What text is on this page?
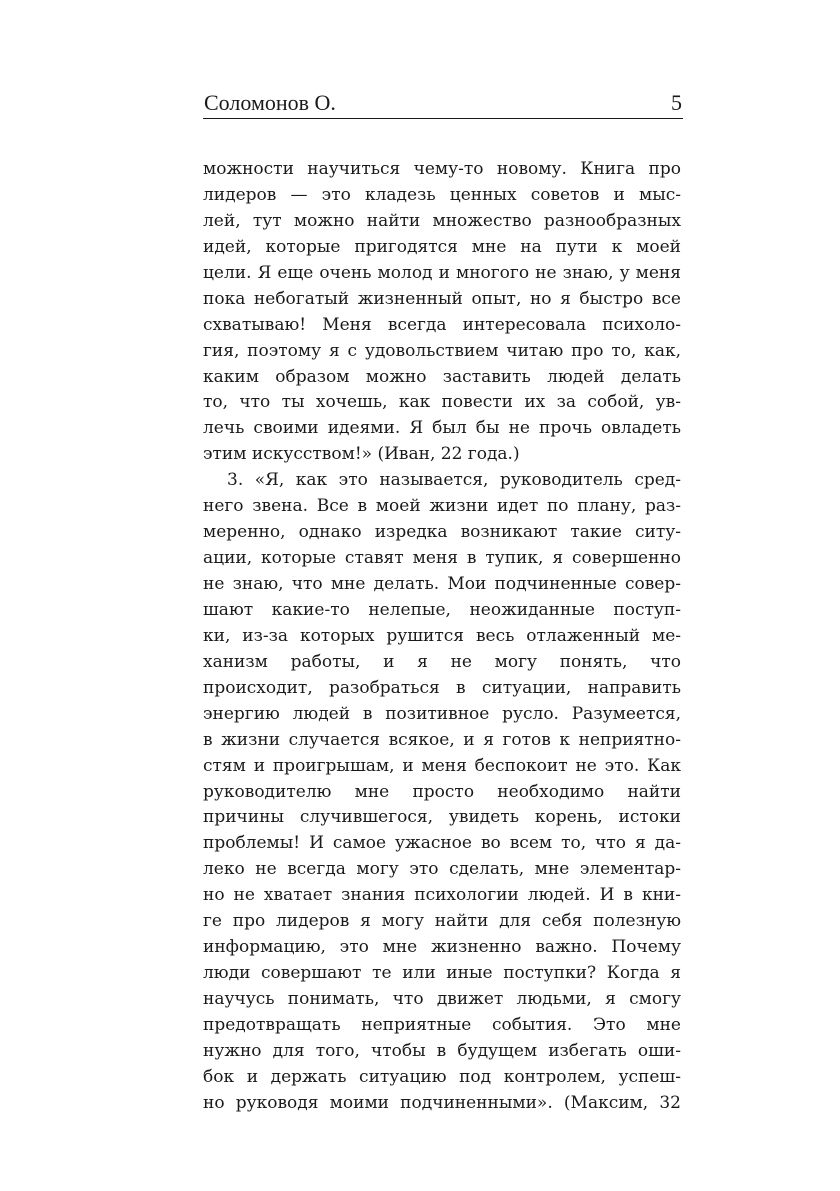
Соломонов О.	5
можности научиться чему-то новому. Книга про
лидеров — это кладезь ценных советов и мыс-
лей, тут можно найти множество разнообразных
идей, которые пригодятся мне на пути к моей
цели. Я еще очень молод и многого не знаю, у меня
пока небогатый жизненный опыт, но я быстро все
схватываю! Меня всегда интересовала психоло-
гия, поэтому я с удовольствием читаю про то, как,
каким образом можно заставить людей делать
то, что ты хочешь, как повести их за собой, ув-
лечь своими идеями. Я был бы не прочь овладеть
этим искусством!» (Иван, 22 года.)
3. «Я, как это называется, руководитель сред-
него звена. Все в моей жизни идет по плану, раз-
меренно, однако изредка возникают такие ситу-
ации, которые ставят меня в тупик, я совершенно
не знаю, что мне делать. Мои подчиненные совер-
шают какие-то нелепые, неожиданные поступ-
ки, из-за которых рушится весь отлаженный ме-
ханизм работы, и я не могу понять, что
происходит, разобраться в ситуации, направить
энергию людей в позитивное русло. Разумеется,
в жизни случается всякое, и я готов к неприятно-
стям и проигрышам, и меня беспокоит не это. Как
руководителю мне просто необходимо найти
причины случившегося, увидеть корень, истоки
проблемы! И самое ужасное во всем то, что я да-
леко не всегда могу это сделать, мне элементар-
но не хватает знания психологии людей. И в кни-
ге про лидеров я могу найти для себя полезную
информацию, это мне жизненно важно. Почему
люди совершают те или иные поступки? Когда я
научусь понимать, что движет людьми, я смогу
предотвращать неприятные события. Это мне
нужно для того, чтобы в будущем избегать оши-
бок и держать ситуацию под контролем, успеш-
но руководя моими подчиненными». (Максим, 32
